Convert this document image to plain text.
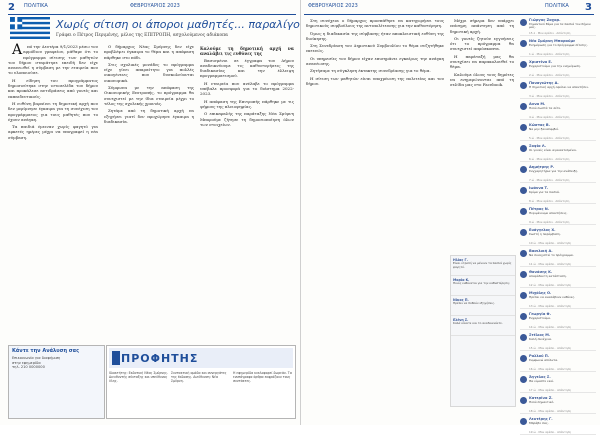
2 ΠΟΛΙΤΙΚΑ	ΦΕΒΡΟΥΑΡΙΟΣ 2023
Χωρίς σίτιση οι άποροι μαθητές... παραλίγο
Γράφει ο Πέτρος Περιμένης, μέλος της ΕΠΙΤΡΟΠΗ, ασχολούμενος αδιάκοπα

Α πό την Δευτέρα 9/1/2023 μέσω του αρμόδιου γραφείου, μάθαμε ότι το πρόγραμμα σίτισης των μαθητών του δήμου σταμάτησε επειδή δεν είχε ανανεωθεί η σύμβαση με την εταιρεία που το υλοποιούσε.

Η είδηση του προγράμματος δημοσιεύτηκε στην ιστοσελίδα του δήμου και προκάλεσε αντιδράσεις από γονείς και εκπαιδευτικούς.

Η ευθύνη βαραίνει τη δημοτική αρχή που δεν μερίμνησε έγκαιρα για τη συνέχιση του προγράμματος για τους μαθητές που το έχουν ανάγκη.

Τα παιδιά έμειναν χωρίς φαγητό για αρκετές ημέρες μέχρι να υπογραφεί η νέα σύμβαση.

Ο δήμαρχος Νέας Σμύρνης δεν είχε προβλέψει έγκαιρα το θέμα και η απόφαση πάρθηκε στο πόδι.

Στις σχολικές μονάδες το πρόγραμμα είχε γίνει απαραίτητο για πολλές οικογένειες που δυσκολεύονται οικονομικά.

Σύμφωνα με την απόφαση της Οικονομικής Επιτροπής, το πρόγραμμα θα συνεχιστεί με την ίδια εταιρεία μέχρι το τέλος της σχολικής χρονιάς.

Ζητάμε από τη δημοτική αρχή να εξηγήσει γιατί δεν προχώρησε έγκαιρα η διαδικασία.

Καλούμε τη δημοτική αρχή να αναλάβει τις ευθύνες της

Βασισμένοι σε έγγραφα του Δήμου αναδεικνύουμε τις καθυστερήσεις της διαδικασίας και την έλλειψη προγραμματισμού.

Η εταιρεία που ανέλαβε το πρόγραμμα υπέβαλε προσφορά για το διάστημα 2022-2023.

Η απόφαση της Επιτροπής πάρθηκε με τις ψήφους της πλειοψηφίας.

Ο επικεφαλής της παράταξης Νέα Σμύρνη Μπορούμε ζήτησε τη δημοσιοποίηση όλων των στοιχείων.

Κάντε την Ανάλυση σας
Επικοινωνία για διαφήμιση
στην εφημερίδα
τηλ. 210 0000000
ΠΡΟΦΗΤΗΣ
Ιδιοκτήτης: Εκδοτική Νέας Σμύρνης. Διευθυντής σύνταξης και υπεύθυνος ύλης.
Συντακτική ομάδα και συνεργάτες της έκδοσης. Διεύθυνση: Νέα Σμύρνη.
Η εφημερίδα κυκλοφορεί δωρεάν. Τα ενυπόγραφα άρθρα εκφράζουν τους συντάκτες.
ΦΕΒΡΟΥΑΡΙΟΣ 2023	ΠΟΛΙΤΙΚΑ 3

Στη συνέχεια ο δήμαρχος προσπάθησε να κατηγορήσει τους δημοτικούς συμβούλους της αντιπολίτευσης για την καθυστέρηση.

Όμως η διαδικασία της σύμβασης ήταν αποκλειστική ευθύνη της διοίκησης.

Στη Συνεδρίαση του Δημοτικού Συμβουλίου το θέμα συζητήθηκε εκτενώς.

Οι υπηρεσίες του δήμου είχαν επισημάνει εγκαίρως την ανάγκη ανανέωσης.

Ζητήσαμε τη σύγκληση έκτακτης συνεδρίασης για το θέμα.

Η σίτιση των μαθητών είναι υποχρέωση της πολιτείας και του δήμου.

Μέχρι σήμερα δεν υπάρχει επίσημη απάντηση από τη δημοτική αρχή.

Οι γονείς ζητούν εγγυήσεις ότι το πρόγραμμα θα συνεχιστεί απρόσκοπτα.

Η παράταξή μας θα συνεχίσει να παρακολουθεί το θέμα.

Καλούμε όλους τους δημότες να ενημερώνονται από τη σελίδα μας στο Facebook.

Ηλίας Γ.
Είναι ντροπή να μένουν τα παιδιά χωρίς φαγητό.
Μαρία Κ.
Ποιος ευθύνεται για την καθυστέρηση;
Νίκος Π.
Πρέπει να δοθούν εξηγήσεις.
Ελένη Σ.
Καλά κάνετε και το αναδεικνύετε.
Γιώργος Ζαχαρ.
Σημαντικό θέμα για τα παιδιά του δήμου μας.
15 λ · Μου αρέσει · Απάντηση
Νέα Σμύρνη Μπορούμε
Ενημέρωση για το πρόγραμμα σίτισης.
1 ώ · Μου αρέσει · Απάντηση
Χριστίνα Ε.
Ευχαριστούμε για την ενημέρωση.
2 ώ · Μου αρέσει · Απάντηση
Παναγιώτης Δ.
Η δημοτική αρχή οφείλει να απαντήσει.
3 ώ · Μου αρέσει · Απάντηση
Αννα Μ.
Πολύ σωστά τα λέτε.
4 ώ · Μου αρέσει · Απάντηση
Κώστας Β.
Να μην ξανασυμβεί.
5 ώ · Μου αρέσει · Απάντηση
Σοφία Λ.
Οι γονείς είναι αγανακτισμένοι.
6 ώ · Μου αρέσει · Απάντηση
Δημήτρης Ρ.
Συγχαρητήρια για την ανάδειξη.
7 ώ · Μου αρέσει · Απάντηση
Ιωάννα Τ.
Κρίμα για τα παιδιά.
8 ώ · Μου αρέσει · Απάντηση
Πέτρος Ν.
Περιμένουμε απαντήσεις.
9 ώ · Μου αρέσει · Απάντηση
Ευάγγελος Χ.
Σωστή η παρέμβαση.
10 ώ · Μου αρέσει · Απάντηση
Βασιλική Α.
Να συνεχιστεί το πρόγραμμα.
11 ώ · Μου αρέσει · Απάντηση
Θανάσης Κ.
Απαράδεκτη κατάσταση.
12 ώ · Μου αρέσει · Απάντηση
Μιχάλης Ο.
Πρέπει να αναλάβουν ευθύνες.
13 ώ · Μου αρέσει · Απάντηση
Γεωργία Φ.
Ευχαριστούμε.
14 ώ · Μου αρέσει · Απάντηση
Στέλιος Μ.
Καλή συνέχεια.
15 ώ · Μου αρέσει · Απάντηση
Ραλλού Π.
Συμφωνώ απόλυτα.
16 ώ · Μου αρέσει · Απάντηση
Άγγελος Σ.
Θα είμαστε εκεί.
17 ώ · Μου αρέσει · Απάντηση
Κατερίνα Ζ.
Πολύ σημαντικό.
18 ώ · Μου αρέσει · Απάντηση
Λευτέρης Γ.
Μπράβο σας.
19 ώ · Μου αρέσει · Απάντηση
